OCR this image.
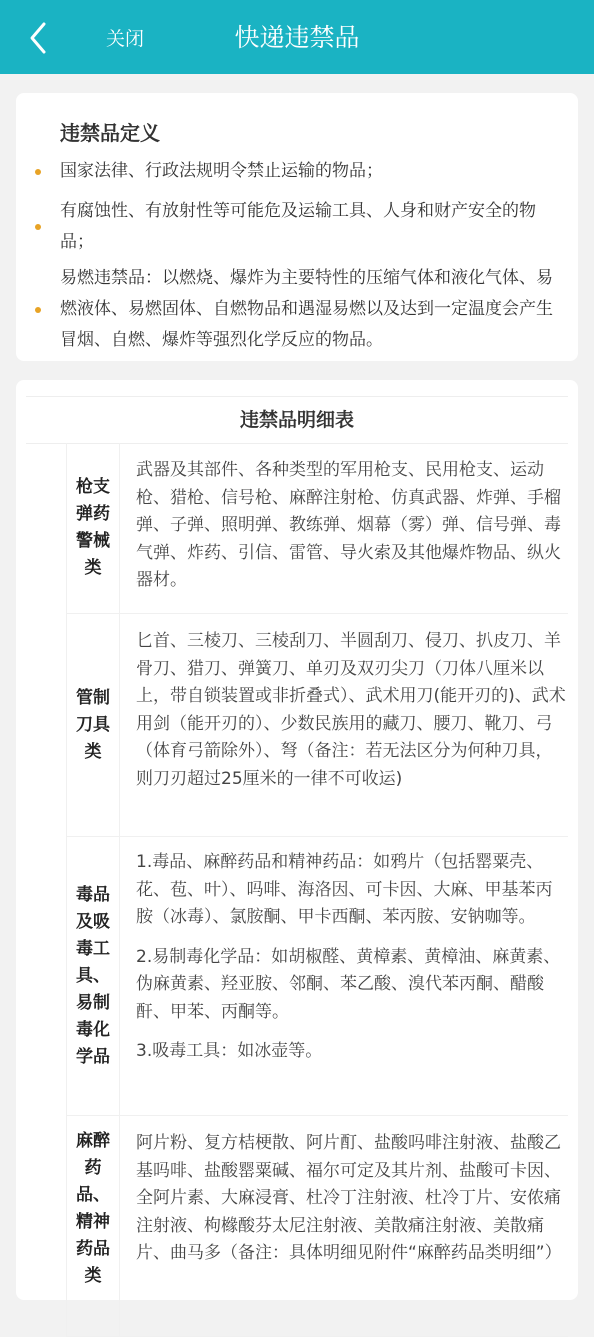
关闭	快递违禁品
违禁品定义
国家法律、行政法规明令禁止运输的物品；
有腐蚀性、有放射性等可能危及运输工具、人身和财产安全的物品；
易燃违禁品：以燃烧、爆炸为主要特性的压缩气体和液化气体、易燃液体、易燃固体、自燃物品和遇湿易燃以及达到一定温度会产生冒烟、自燃、爆炸等强烈化学反应的物品。
违禁品明细表
枪支弹药警械类

武器及其部件、各种类型的军用枪支、民用枪支、运动枪、猎枪、信号枪、麻醉注射枪、仿真武器、炸弹、手榴弹、子弹、照明弹、教练弹、烟幕（雾）弹、信号弹、毒气弹、炸药、引信、雷管、导火索及其他爆炸物品、纵火器材。

管制刀具类

匕首、三棱刀、三棱刮刀、半圆刮刀、侵刀、扒皮刀、羊骨刀、猎刀、弹簧刀、单刃及双刃尖刀（刀体八厘米以上，带自锁装置或非折叠式）、武术用刀(能开刃的)、武术用剑（能开刃的）、少数民族用的藏刀、腰刀、靴刀、弓（体育弓箭除外）、弩（备注：若无法区分为何种刀具，则刀刃超过25厘米的一律不可收运)

毒品及吸毒工具、易制毒化学品

1.毒品、麻醉药品和精神药品：如鸦片（包括罂粟壳、花、苞、叶）、吗啡、海洛因、可卡因、大麻、甲基苯丙胺（冰毒）、氯胺酮、甲卡西酮、苯丙胺、安钠咖等。

2.易制毒化学品：如胡椒醛、黄樟素、黄樟油、麻黄素、伪麻黄素、羟亚胺、邻酮、苯乙酸、溴代苯丙酮、醋酸酐、甲苯、丙酮等。

3.吸毒工具：如冰壶等。

麻醉药品、精神药品类

阿片粉、复方桔梗散、阿片酊、盐酸吗啡注射液、盐酸乙基吗啡、盐酸罂粟碱、福尔可定及其片剂、盐酸可卡因、全阿片素、大麻浸膏、杜冷丁注射液、杜冷丁片、安侬痛注射液、枸橼酸芬太尼注射液、美散痛注射液、美散痛片、曲马多（备注：具体明细见附件“麻醉药品类明细”）
